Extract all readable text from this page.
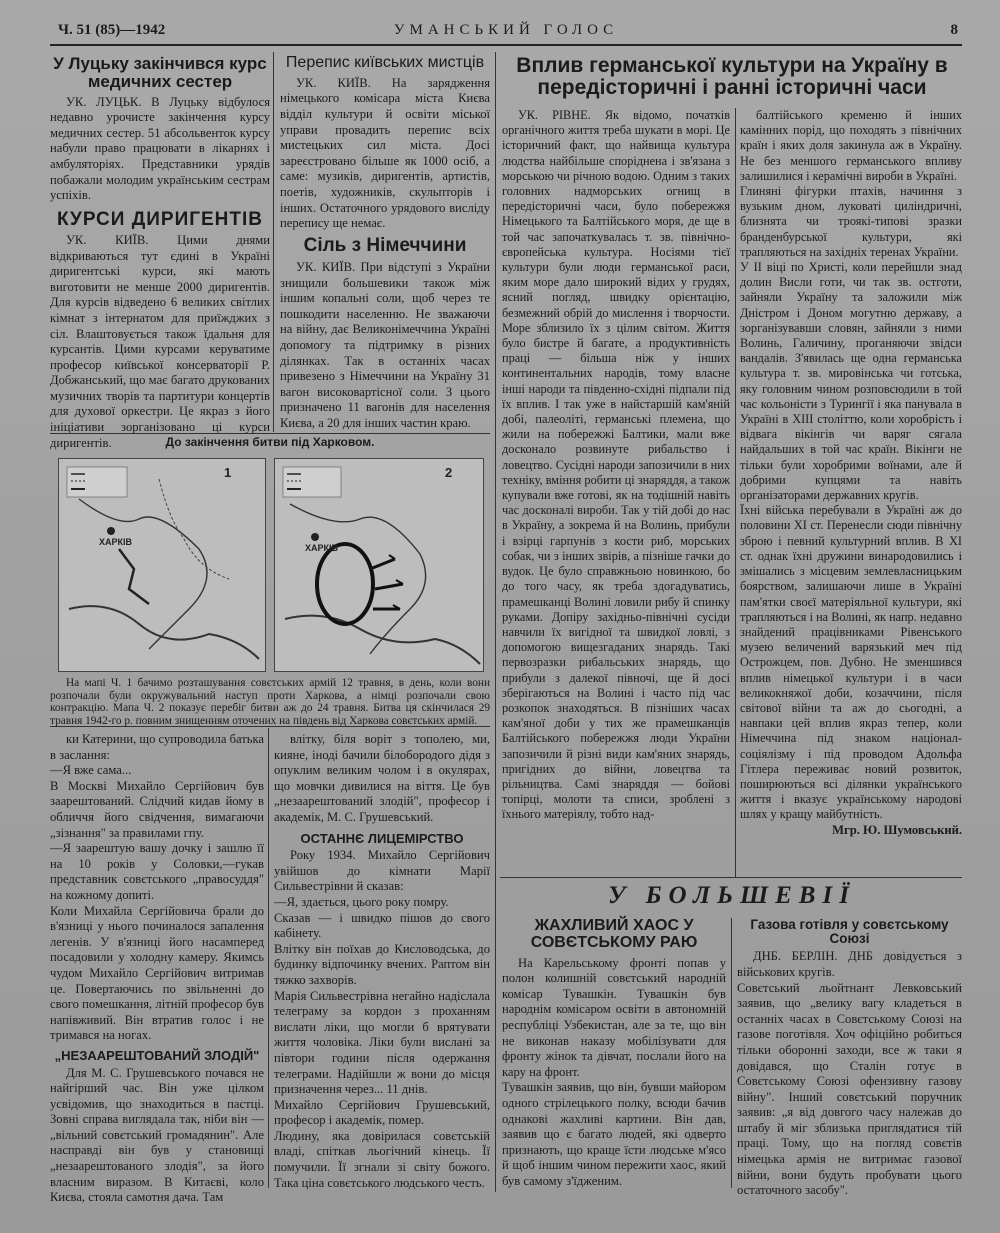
Ч. 51 (85)—1942	УМАНСЬКИЙ ГОЛОС	8
У Луцьку закінчився курс медичних сестер

УК. ЛУЦЬК. В Луцьку відбулося недавно урочисте закінчення курсу медичних сестер. 51 абсольвенток курсу набули право працювати в лікарнях і амбуляторіях. Представники урядів побажали молодим українським сестрам успіхів.

КУРСИ ДИРИГЕНТІВ

УК. КИЇВ. Цими днями відкриваються тут єдині в Україні диригентські курси, які мають виготовити не менше 2000 диригентів. Для курсів відведено 6 великих світлих кімнат з інтернатом для приїжджих з сіл. Влаштовується також їдальня для курсантів. Цими курсами керуватиме професор київської консерваторії Р. Добжанський, що має багато друкованих музичних творів та партитури концертів для духової оркестри. Це якраз з його ініціативи зорганізовано ці курси диригентів.

Перепис київських мистців

УК. КИЇВ. На зарядження німецького комісара міста Києва відділ культури й освіти міської управи провадить перепис всіх мистецьких сил міста. Досі зареєстровано більше як 1000 осіб, а саме: музиків, диригентів, артистів, поетів, художників, скульпторів і інших. Остаточного урядового висліду перепису ще немає.

Сіль з Німеччини

УК. КИЇВ. При відступі з України знищили большевики також між іншим копальні соли, щоб через те пошкодити населенню. Не зважаючи на війну, дає Великонімеччина Україні допомогу та підтримку в різних ділянках. Так в останніх часах привезено з Німеччини на Україну 31 вагон високовартісної соли. З цього призначено 11 вагонів для населення Києва, а 20 для інших частин краю.

До закінчення битви під Харковом.
1
ХАРКІВ
2
ХАРКІВ

На мапі Ч. 1 бачимо розташування совєтських армій 12 травня, в день, коли вони розпочали були окружувальний наступ проти Харкова, а німці розпочали свою контракцію. Мапа Ч. 2 показує перебіг битви аж до 24 травня. Битва ця скінчилася 29 травня 1942-го р. повним знищенням оточених на південь від Харкова совєтських армій.

Вплив германської культури на Україну в передісторичні і ранні історичні часи

УК. РІВНЕ. Як відомо, початків органічного життя треба шукати в морі. Це історичний факт, що найвища культура людства найбільше споріднена і зв'язана з морською чи річною водою. Одним з таких головних надморських огнищ в передісторичні часи, було побережжя Німецького та Балтійського моря, де ще в той час започаткувалась т. зв. північно-європейська культура. Носіями тієї культури були люди германської раси, яким море дало широкий відих у грудях, ясний погляд, швидку орієнтацію, безмежний обрій до мислення і творчости. Море зблизило їх з цілим світом. Життя було бистре й багате, а продуктивність праці — більша ніж у інших континентальних народів, тому власне інші народи та південно-східні підпали під їх вплив. І так уже в найстаршій кам'яній добі, палеоліті, германські племена, що жили на побережжі Балтики, мали вже досконало розвинуте рибальство і ловецтво. Сусідні народи запозичили в них техніку, вміння робити ці знаряддя, а також купували вже готові, як на тодішній навіть час досконалі вироби. Так у тій добі до нас в Україну, а зокрема й на Волинь, прибули і взірці гарпунів з кости риб, морських собак, чи з інших звірів, а пізніше гачки до вудок. Це було справжньою новинкою, бо до того часу, як треба здогадуватись, прамешканці Волині ловили рибу й спинку руками. Допіру західньо-північні сусіди навчили їх вигідної та швидкої ловлі, з допомогою вищезгаданих знарядь. Такі первозразки рибальських знарядь, що прибули з далекої півночі, ще й досі зберігаються на Волині і часто під час розкопок знаходяться. В пізніших часах кам'яної доби у тих же прамешканців Балтійського побережжя люди України запозичили й різні види кам'яних знарядь, пригідних до війни, ловецтва та рільництва. Самі знаряддя — бойові топірці, молоти та списи, зроблені з їхнього матеріялу, тобто над-

балтійського кременю й інших камінних порід, що походять з північних країн і яких доля закинула аж в Україну. Не без меншого германського впливу залишилися і керамічні вироби в Україні.
Глиняні фігурки птахів, начиння з вузьким дном, луковаті циліндричні, близнята чи троякі-типові зразки бранденбурської культури, які трапляються на західніх теренах України.
У ІІ віці по Христі, коли перейшли знад долин Висли готи, чи так зв. остготи, зайняли Україну та заложили між Дністром і Доном могутню державу, а зорганізувавши словян, зайняли з ними Волинь, Галичину, проганяючи звідси вандалів. З'явилась ще одна германська культура т. зв. мировінська чи готська, яку головним чином розповсюдили в той час кольоністи з Турингії і яка панувала в Україні в ХІІІ століттю, коли хоробрість і відвага вікінгів чи варяг сягала найдальших в той час країн. Вікінги не тільки були хоробрими воїнами, але й добрими купцями та навіть організаторами державних кругів.
Їхні війська перебували в Україні аж до половини ХІ ст. Перенесли сюди північну зброю і певний культурний вплив. В ХІ ст. однак їхні дружини винародовились і змішались з місцевим землевласницьким боярством, залишаючи лише в Україні пам'ятки своєї матеріяльної культури, які трапляються і на Волині, як напр. недавно знайдений працівниками Рівенського музею величений варязький меч під Острожцем, пов. Дубно. Не зменшився вплив німецької культури і в часи великокняжої доби, козаччини, після світової війни та аж до сьогодні, а навпаки цей вплив якраз тепер, коли Німеччина під знаком націонал-соціялізму і під проводом Адольфа Гітлера переживає новий розвиток, поширюються всі ділянки українського життя і вказує українському народові шлях у кращу майбутність.

Мгр. Ю. Шумовський.

ки Катерини, що супроводила батька в заслання:
—Я вже сама...
В Москві Михайло Сергійович був заарештований. Слідчий кидав йому в обличчя його свідчення, вимагаючи „зізнання" за правилами гпу.
—Я заарештую вашу дочку і зашлю її на 10 років у Соловки,—гукав представник совєтського „правосуддя" на кожному допиті.
Коли Михайла Сергійовича брали до в'язниці у нього починалося запалення легенів. У в'язниці його насамперед посадовили у холодну камеру. Якимсь чудом Михайло Сергійович витримав це. Повертаючись по звільненні до свого помешкання, літній професор був напівживий. Він втратив голос і не тримався на ногах.

„НЕЗААРЕШТОВАНИЙ ЗЛОДІЙ"

Для М. С. Грушевського почався не найгірший час. Він уже цілком усвідомив, що знаходиться в пастці. Зовні справа виглядала так, ніби він — „вільний совєтський громадянин". Але насправді він був у становищі „незаарештованого злодія", за його власним виразом. В Китаєві, коло Києва, стояла самотня дача. Там

влітку, біля воріт з тополею, ми, кияне, іноді бачили білобородого дідя з опуклим великим чолом і в окулярах, що мовчки дивилися на віття. Це був „незаарештований злодій", професор і академік, М. С. Грушевський.

ОСТАННЄ ЛИЦЕМІРСТВО

Року 1934. Михайло Сергійович увійшов до кімнати Марії Сильвестрівни й сказав:
—Я, здається, цього року помру.
Сказав — і швидко пішов до свого кабінету.
Влітку він поїхав до Кисловодська, до будинку відпочинку вчених. Раптом він тяжко захворів.
Марія Сильвестрівна негайно надіслала телеграму за кордон з проханням вислати ліки, що могли б врятувати життя чоловіка. Ліки були вислані за півтори години після одержання телеграми. Надійшли ж вони до місця призначення через... 11 днів.
Михайло Сергійович Грушевський, професор і академік, помер.
Людину, яка довірилася совєтській владі, спіткав льогічний кінець. Її помучили. Її згнали зі світу божого. Така ціна совєтського людського честь.

У БОЛЬШЕВІЇ
ЖАХЛИВИЙ ХАОС У СОВЄТСЬКОМУ РАЮ

На Карельському фронті попав у полон колишній совєтський народній комісар Тувашкін. Тувашкін був народнім комісаром освіти в автономній республіці Узбекистан, але за те, що він не виконав наказу мобілізувати для фронту жінок та дівчат, послали його на кару на фронт.
Тувашкін заявив, що він, бувши майором одного стрілецького полку, всюди бачив однакові жахливі картини. Він дав, заявив що є багато людей, які одверто признають, що краще їсти людське м'ясо й щоб іншим чином пережити хаос, який був самому з'їдженим.

Газова готівля у совєтському Союзі

ДНБ. БЕРЛІН. ДНБ довідується з військових кругів.
Совєтський льойтнант Левковський заявив, що „велику вагу кладеться в останніх часах в Совєтському Союзі на газове поготівля. Хоч офіційно робиться тільки оборонні заходи, все ж таки я довідався, що Сталін готує в Совєтському Союзі офензивну газову війну". Інший совєтський поручник заявив: „я від довгого часу належав до штабу й міг зблизька приглядатися тій праці. Тому, що на погляд совєтів німецька армія не витримає газової війни, вони будуть пробувати цього остаточного засобу".
